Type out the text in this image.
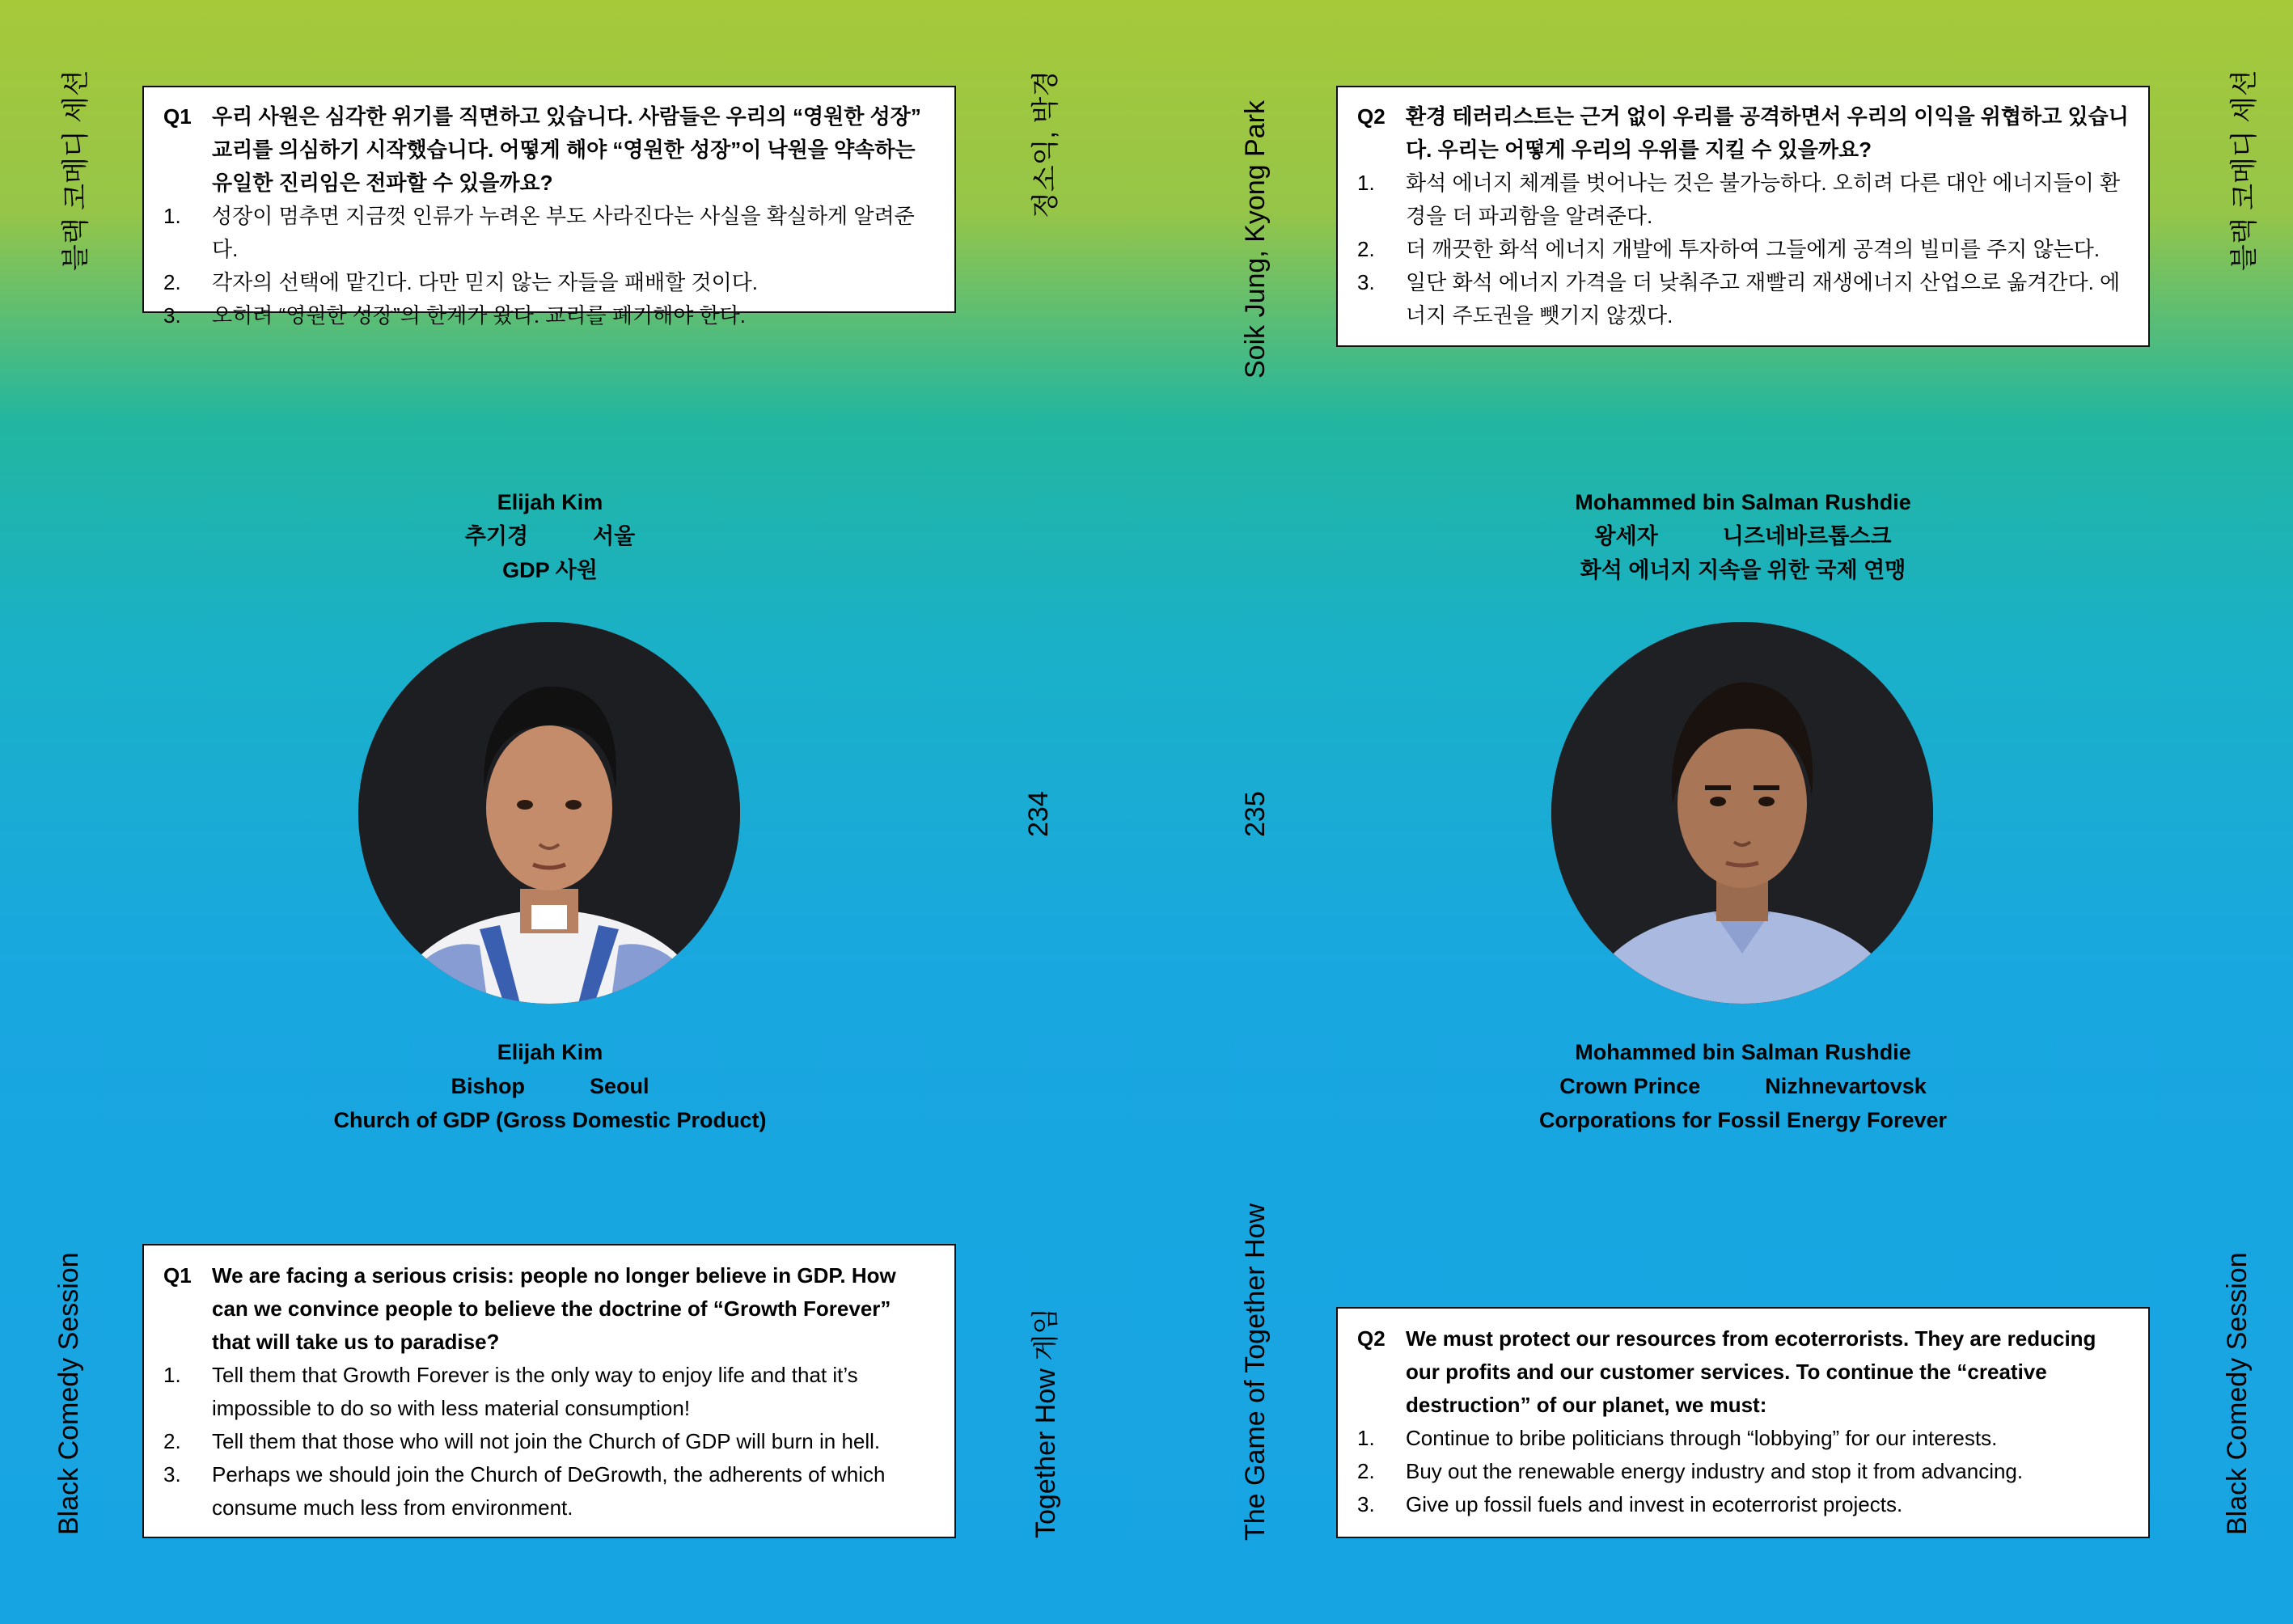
블랙 코메디 세션
Black Comedy Session
정소익, 박경
234
Together How 게임
Q1 우리 사원은 심각한 위기를 직면하고 있습니다. 사람들은 우리의 “영원한 성장” 교리를 의심하기 시작했습니다. 어떻게 해야 “영원한 성장”이 낙원을 약속하는 유일한 진리임은 전파할 수 있을까요?
1.	성장이 멈추면 지금껏 인류가 누려온 부도 사라진다는 사실을 확실하게 알려준다.
2.	각자의 선택에 맡긴다. 다만 믿지 않는 자들을 패배할 것이다.
3.	오히려 “영원한 성장”의 한계가 왔다. 교리를 폐기해야 한다.
Elijah Kim
추기경	서울
GDP 사원
Elijah Kim
Bishop	Seoul
Church of GDP (Gross Domestic Product)
Q1 We are facing a serious crisis: people no longer believe in GDP. How can we convince people to believe the doctrine of “Growth Forever” that will take us to paradise?
1.	Tell them that Growth Forever is the only way to enjoy life and that it’s impossible to do so with less material consumption!
2.	Tell them that those who will not join the Church of GDP will burn in hell.
3.	Perhaps we should join the Church of DeGrowth, the adherents of which consume much less from environment.
Soik Jung, Kyong Park
235
The Game of Together How
블랙 코메디 세션
Black Comedy Session
Q2 환경 테러리스트는 근거 없이 우리를 공격하면서 우리의 이익을 위협하고 있습니다. 우리는 어떻게 우리의 우위를 지킬 수 있을까요?
1.	화석 에너지 체계를 벗어나는 것은 불가능하다. 오히려 다른 대안 에너지들이 환경을 더 파괴함을 알려준다.
2.	더 깨끗한 화석 에너지 개발에 투자하여 그들에게 공격의 빌미를 주지 않는다.
3.	일단 화석 에너지 가격을 더 낮춰주고 재빨리 재생에너지 산업으로 옮겨간다. 에너지 주도권을 뺏기지 않겠다.
Mohammed bin Salman Rushdie
왕세자	니즈네바르톱스크
화석 에너지 지속을 위한 국제 연맹
Mohammed bin Salman Rushdie
Crown Prince	Nizhnevartovsk
Corporations for Fossil Energy Forever
Q2 We must protect our resources from ecoterrorists. They are reducing our profits and our customer services. To continue the “creative destruction” of our planet, we must:
1.	Continue to bribe politicians through “lobbying” for our interests.
2.	Buy out the renewable energy industry and stop it from advancing.
3.	Give up fossil fuels and invest in ecoterrorist projects.
